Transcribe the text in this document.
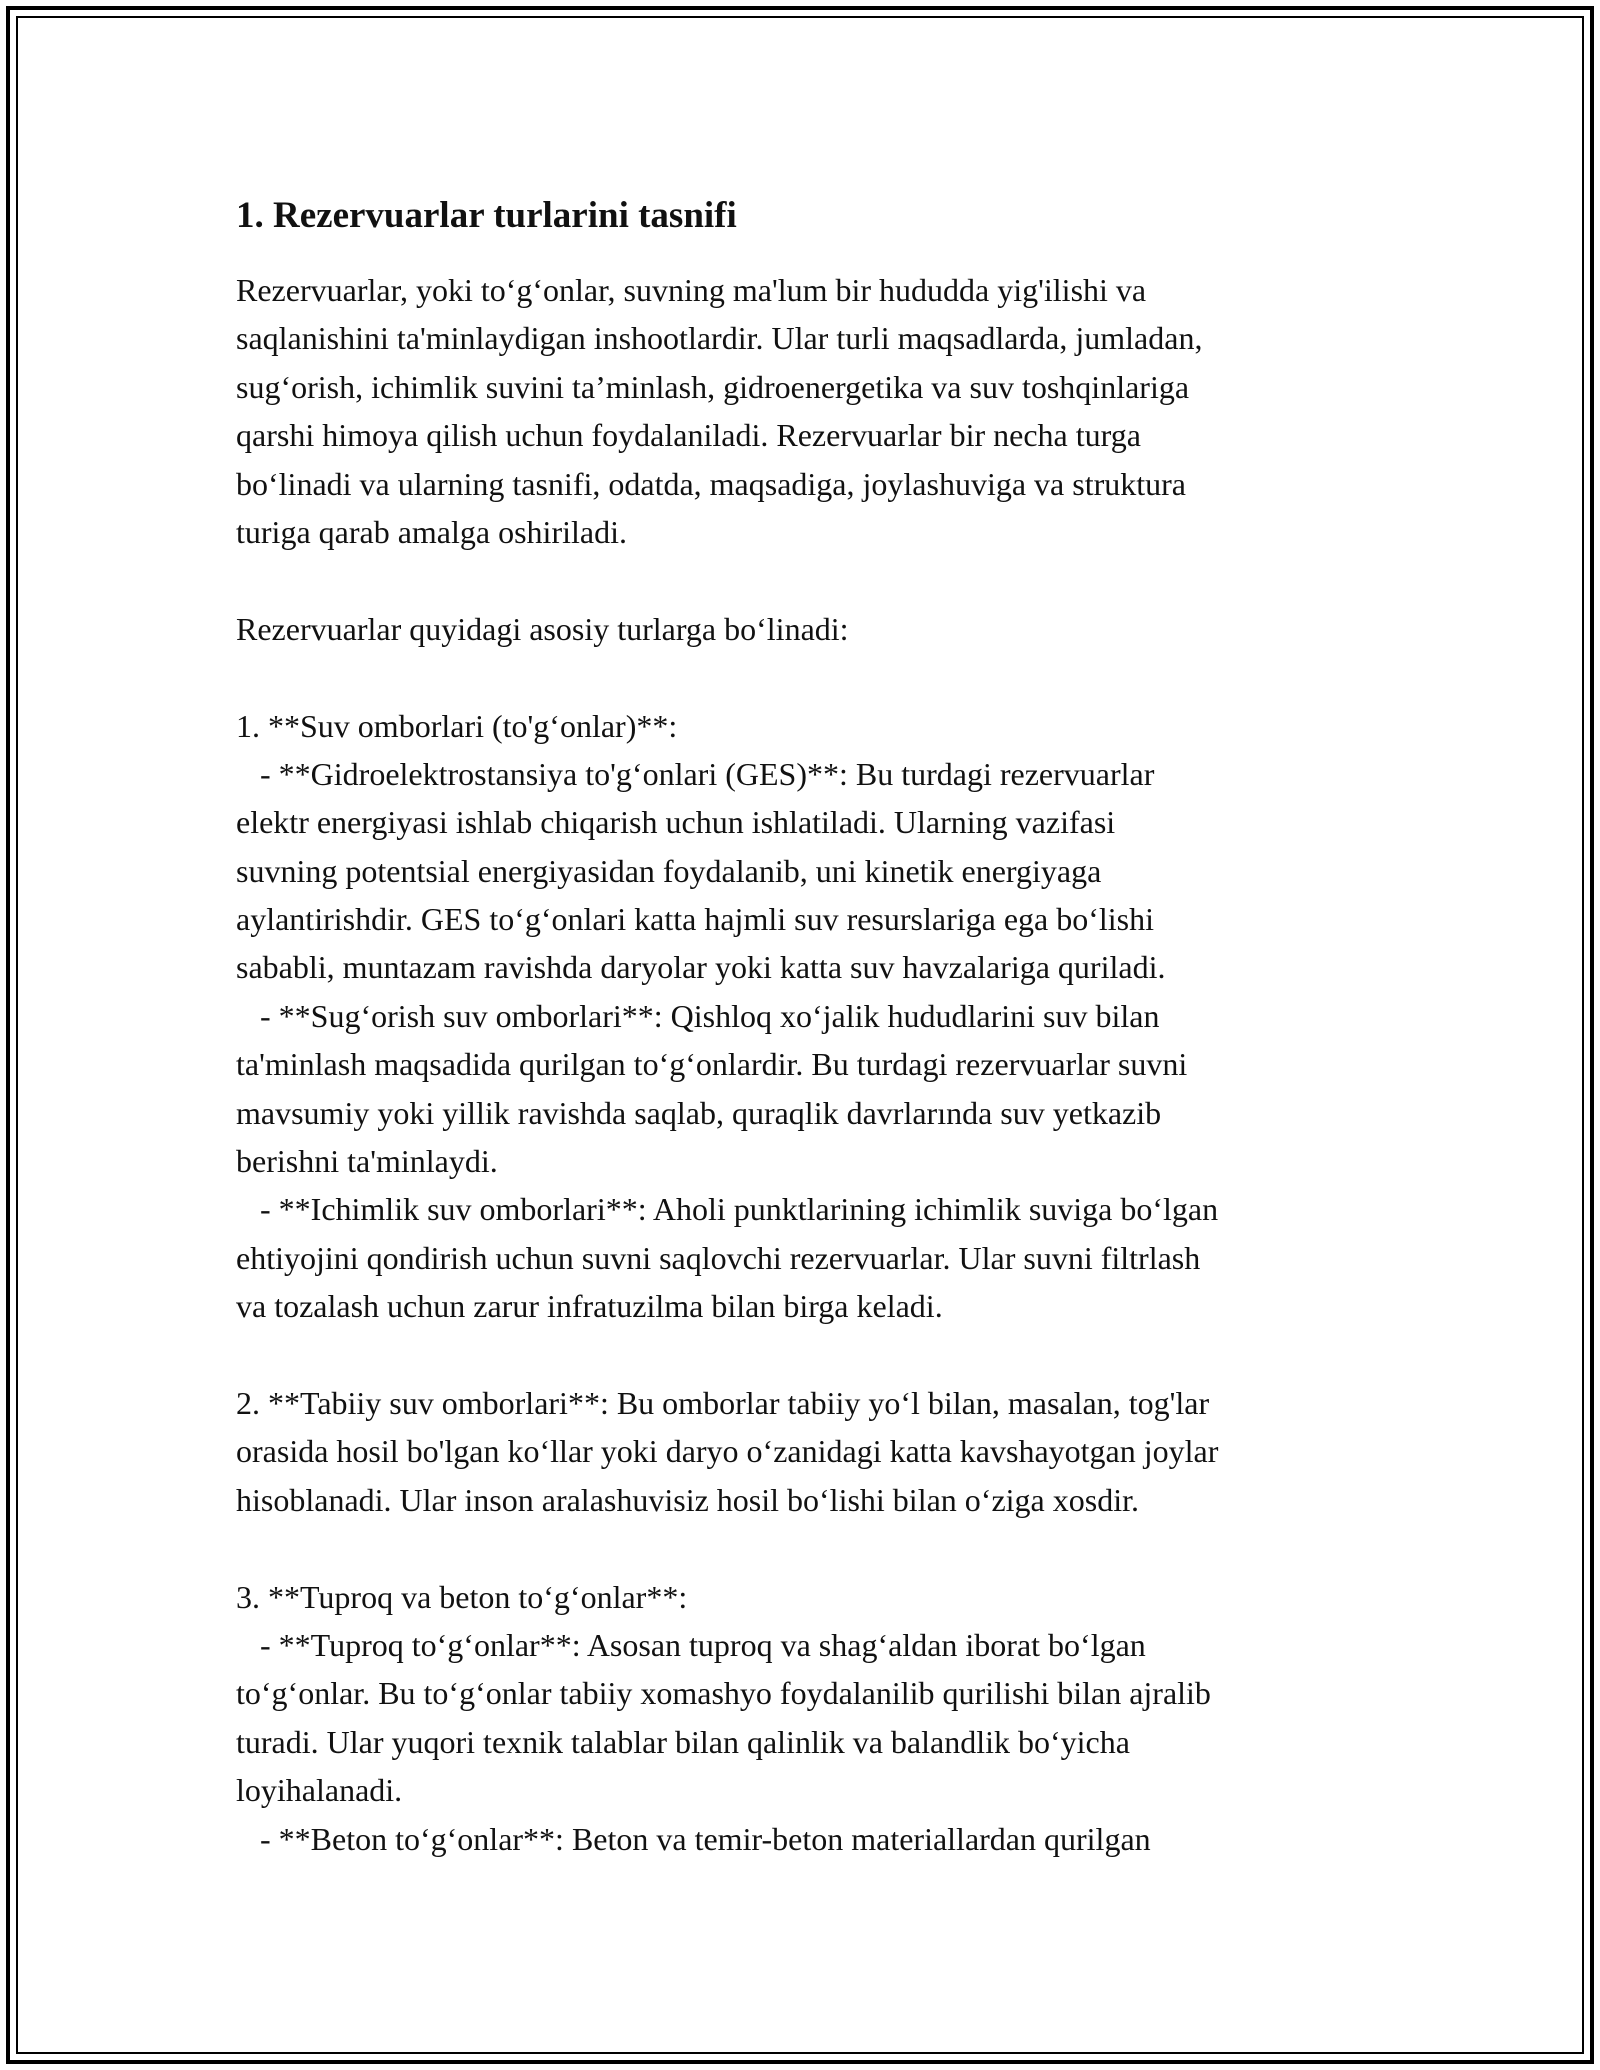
1. Rezervuarlar turlarini tasnifi
Rezervuarlar, yoki to‘g‘onlar, suvning ma'lum bir hududda yig'ilishi va
saqlanishini ta'minlaydigan inshootlardir. Ular turli maqsadlarda, jumladan,
sug‘orish, ichimlik suvini ta’minlash, gidroenergetika va suv toshqinlariga
qarshi himoya qilish uchun foydalaniladi. Rezervuarlar bir necha turga
bo‘linadi va ularning tasnifi, odatda, maqsadiga, joylashuviga va struktura
turiga qarab amalga oshiriladi.
Rezervuarlar quyidagi asosiy turlarga bo‘linadi:
1. **Suv omborlari (to'g‘onlar)**:
- **Gidroelektrostansiya to'g‘onlari (GES)**: Bu turdagi rezervuarlar
elektr energiyasi ishlab chiqarish uchun ishlatiladi. Ularning vazifasi
suvning potentsial energiyasidan foydalanib, uni kinetik energiyaga
aylantirishdir. GES to‘g‘onlari katta hajmli suv resurslariga ega bo‘lishi
sababli, muntazam ravishda daryolar yoki katta suv havzalariga quriladi.
- **Sug‘orish suv omborlari**: Qishloq xo‘jalik hududlarini suv bilan
ta'minlash maqsadida qurilgan to‘g‘onlardir. Bu turdagi rezervuarlar suvni
mavsumiy yoki yillik ravishda saqlab, quraqlik davrlarında suv yetkazib
berishni ta'minlaydi.
- **Ichimlik suv omborlari**: Aholi punktlarining ichimlik suviga bo‘lgan
ehtiyojini qondirish uchun suvni saqlovchi rezervuarlar. Ular suvni filtrlash
va tozalash uchun zarur infratuzilma bilan birga keladi.
2. **Tabiiy suv omborlari**: Bu omborlar tabiiy yo‘l bilan, masalan, tog'lar
orasida hosil bo'lgan ko‘llar yoki daryo o‘zanidagi katta kavshayotgan joylar
hisoblanadi. Ular inson aralashuvisiz hosil bo‘lishi bilan o‘ziga xosdir.
3. **Tuproq va beton to‘g‘onlar**:
- **Tuproq to‘g‘onlar**: Asosan tuproq va shag‘aldan iborat bo‘lgan
to‘g‘onlar. Bu to‘g‘onlar tabiiy xomashyo foydalanilib qurilishi bilan ajralib
turadi. Ular yuqori texnik talablar bilan qalinlik va balandlik bo‘yicha
loyihalanadi.
- **Beton to‘g‘onlar**: Beton va temir-beton materiallardan qurilgan
